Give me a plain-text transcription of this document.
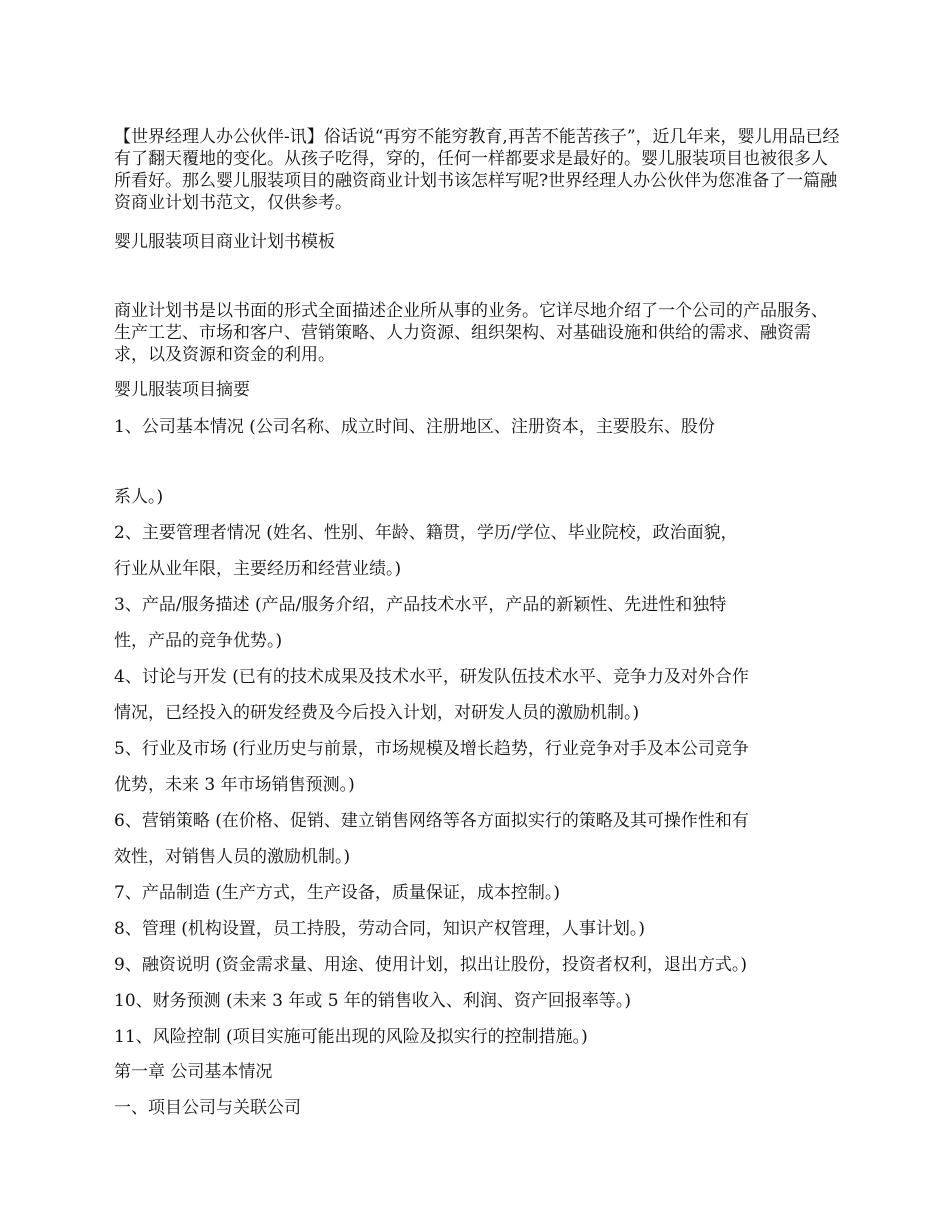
【世界经理人办公伙伴-讯】俗话说“再穷不能穷教育,再苦不能苦孩子”，近几年来，婴儿用品已经有了翻天覆地的变化。从孩子吃得，穿的，任何一样都要求是最好的。婴儿服装项目也被很多人所看好。那么婴儿服装项目的融资商业计划书该怎样写呢?世界经理人办公伙伴为您准备了一篇融资商业计划书范文，仅供参考。
婴儿服装项目商业计划书模板
商业计划书是以书面的形式全面描述企业所从事的业务。它详尽地介绍了一个公司的产品服务、生产工艺、市场和客户、营销策略、人力资源、组织架构、对基础设施和供给的需求、融资需求，以及资源和资金的利用。
婴儿服装项目摘要
1、公司基本情况 (公司名称、成立时间、注册地区、注册资本，主要股东、股份
系人。)
2、主要管理者情况 (姓名、性别、年龄、籍贯，学历/学位、毕业院校，政治面貌，
行业从业年限，主要经历和经营业绩。)
3、产品/服务描述 (产品/服务介绍，产品技术水平，产品的新颖性、先进性和独特
性，产品的竞争优势。)
4、讨论与开发 (已有的技术成果及技术水平，研发队伍技术水平、竞争力及对外合作
情况，已经投入的研发经费及今后投入计划，对研发人员的激励机制。)
5、行业及市场 (行业历史与前景，市场规模及增长趋势，行业竞争对手及本公司竞争
优势，未来 3 年市场销售预测。)
6、营销策略 (在价格、促销、建立销售网络等各方面拟实行的策略及其可操作性和有
效性，对销售人员的激励机制。)
7、产品制造 (生产方式，生产设备，质量保证，成本控制。)
8、管理 (机构设置，员工持股，劳动合同，知识产权管理，人事计划。)
9、融资说明 (资金需求量、用途、使用计划，拟出让股份，投资者权利，退出方式。)
10、财务预测 (未来 3 年或 5 年的销售收入、利润、资产回报率等。)
11、风险控制 (项目实施可能出现的风险及拟实行的控制措施。)
第一章 公司基本情况
一、项目公司与关联公司
